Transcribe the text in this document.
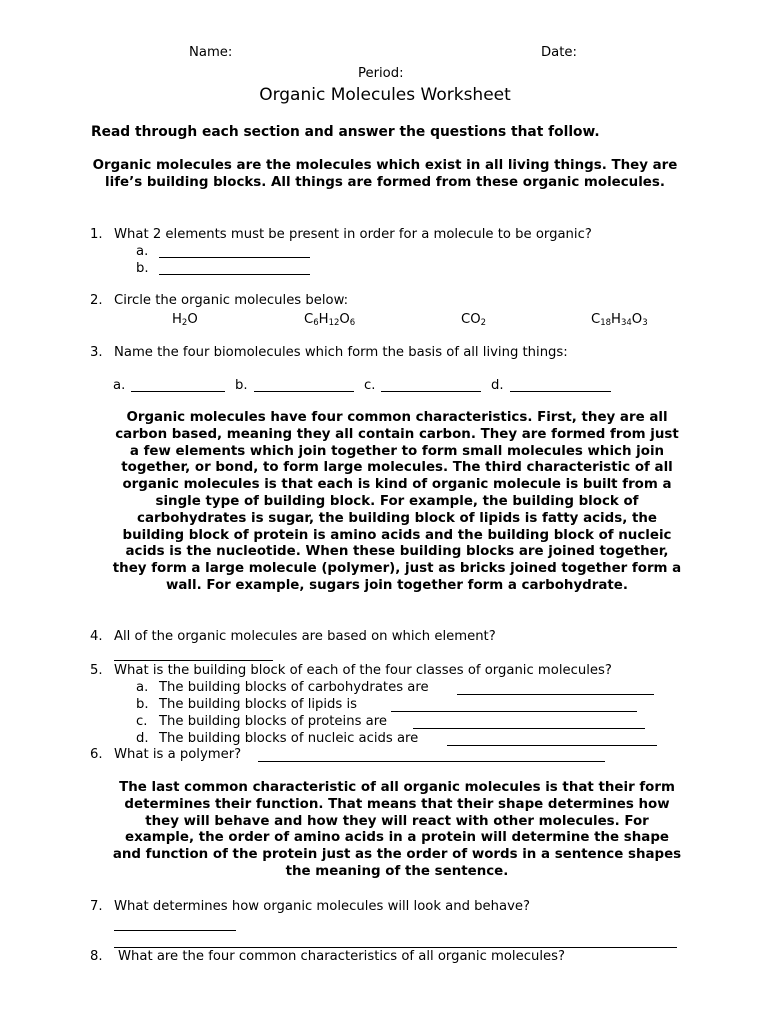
Name:	Date:
Period:
Organic Molecules Worksheet
Read through each section and answer the questions that follow.
Organic molecules are the molecules which exist in all living things. They are life’s building blocks. All things are formed from these organic molecules.
1. What 2 elements must be present in order for a molecule to be organic?
a.
b.
2. Circle the organic molecules below:
$H_2O$	$C_6H_{12}O_6$	$CO_2$	$C_{18}H_{34}O_3$
3. Name the four biomolecules which form the basis of all living things:
a.	b.	c.	d.
Organic molecules have four common characteristics. First, they are all carbon based, meaning they all contain carbon. They are formed from just a few elements which join together to form small molecules which join together, or bond, to form large molecules. The third characteristic of all organic molecules is that each is kind of organic molecule is built from a single type of building block. For example, the building block of carbohydrates is sugar, the building block of lipids is fatty acids, the building block of protein is amino acids and the building block of nucleic acids is the nucleotide. When these building blocks are joined together, they form a large molecule (polymer), just as bricks joined together form a wall. For example, sugars join together form a carbohydrate.
4. All of the organic molecules are based on which element?
5. What is the building block of each of the four classes of organic molecules?
a. The building blocks of carbohydrates are
b. The building blocks of lipids is
c. The building blocks of proteins are
d. The building blocks of nucleic acids are
6. What is a polymer?
The last common characteristic of all organic molecules is that their form determines their function. That means that their shape determines how they will behave and how they will react with other molecules. For example, the order of amino acids in a protein will determine the shape and function of the protein just as the order of words in a sentence shapes the meaning of the sentence.
7. What determines how organic molecules will look and behave?
8. What are the four common characteristics of all organic molecules?
